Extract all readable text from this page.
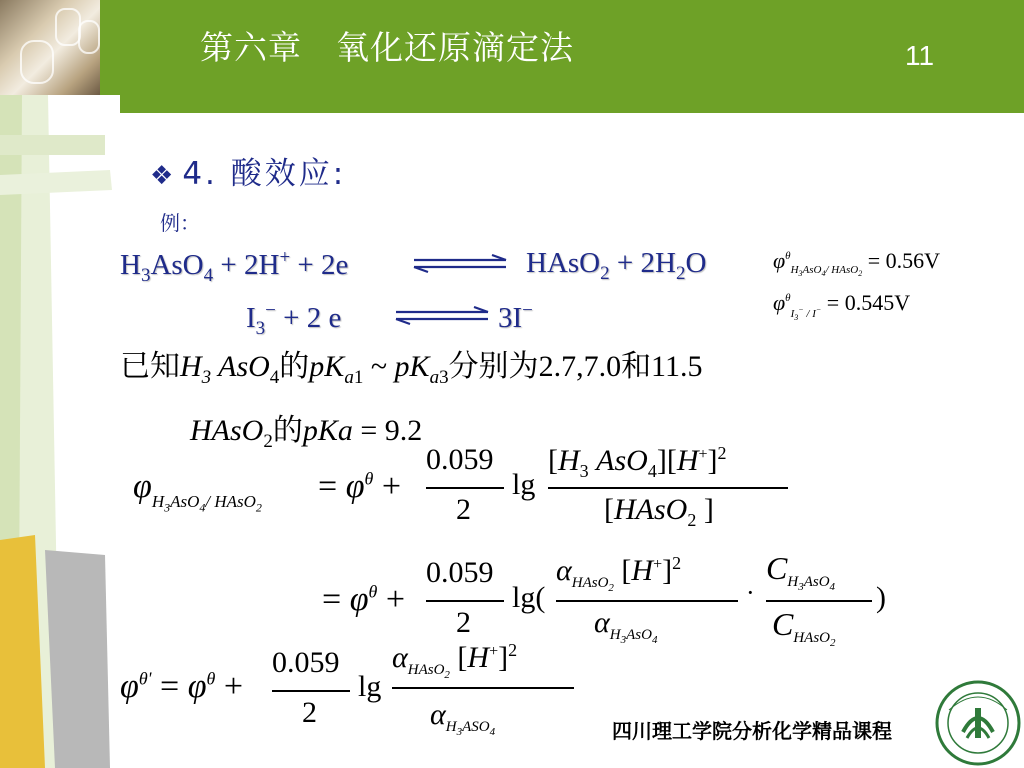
第六章　氧化还原滴定法	11
❖ 4. 酸效应:
例：
$H_3AsO_4 + 2H^+ + 2e$	HAsO$_2$ + $2H_2O$
$I_3^- + 2$ e	3I−
$\varphi^\theta_{H_3AsO_4/ HAsO_2} = 0.56V$
$\varphi^\theta_{I_3^- / I^-} = 0.545V$
已知$H_3$ AsO$_4$的$pK_{a1}$ ~ $pK_{a3}$分别为2.7,7.0和11.5
HAsO$_2$的pKa = 9.2
$\varphi_{H_3AsO_4/ HAsO_2}$
= $\varphi^\theta$ +
0.059
2
lg
[$H_3$ $AsO_4][H^+]^2$
[HAsO$_2$ ]
= $\varphi^\theta$ +
0.059
2
lg(
$\alpha_{HAsO_2}$ $[H^+]^2$
$\alpha_{H_3AsO_4}$
·
$C_{H_3AsO_4}$
$C_{HAsO_2}$
)
$\varphi^{\theta'} = \varphi^\theta$ +
0.059
2
lg
$\alpha_{HAsO_2}$ $[H^+]^2$
$\alpha_{H_3ASO_4}$	四川理工学院分析化学精品课程
